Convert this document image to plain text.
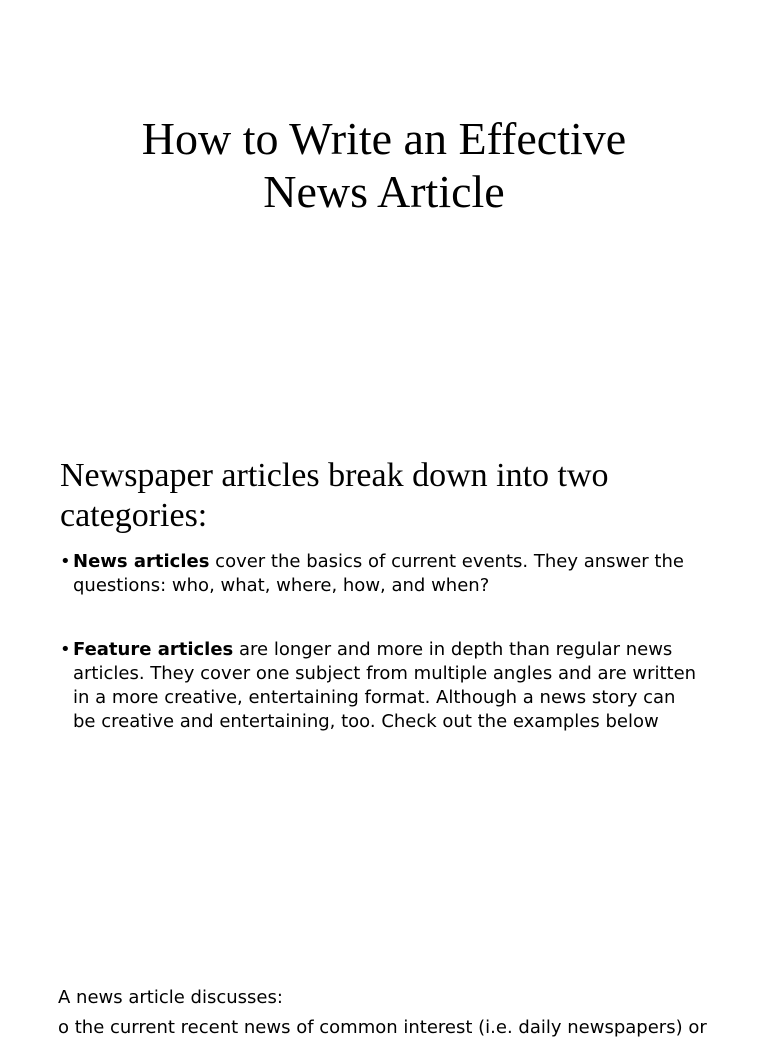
How to Write an Effective
News Article
Newspaper articles break down into two categories:
• News articles cover the basics of current events. They answer the questions: who, what, where, how, and when?
• Feature articles are longer and more in depth than regular news articles. They cover one subject from multiple angles and are written in a more creative, entertaining format. Although a news story can be creative and entertaining, too. Check out the examples below

A news article discusses:

o the current recent news of common interest (i.e. daily newspapers) or
